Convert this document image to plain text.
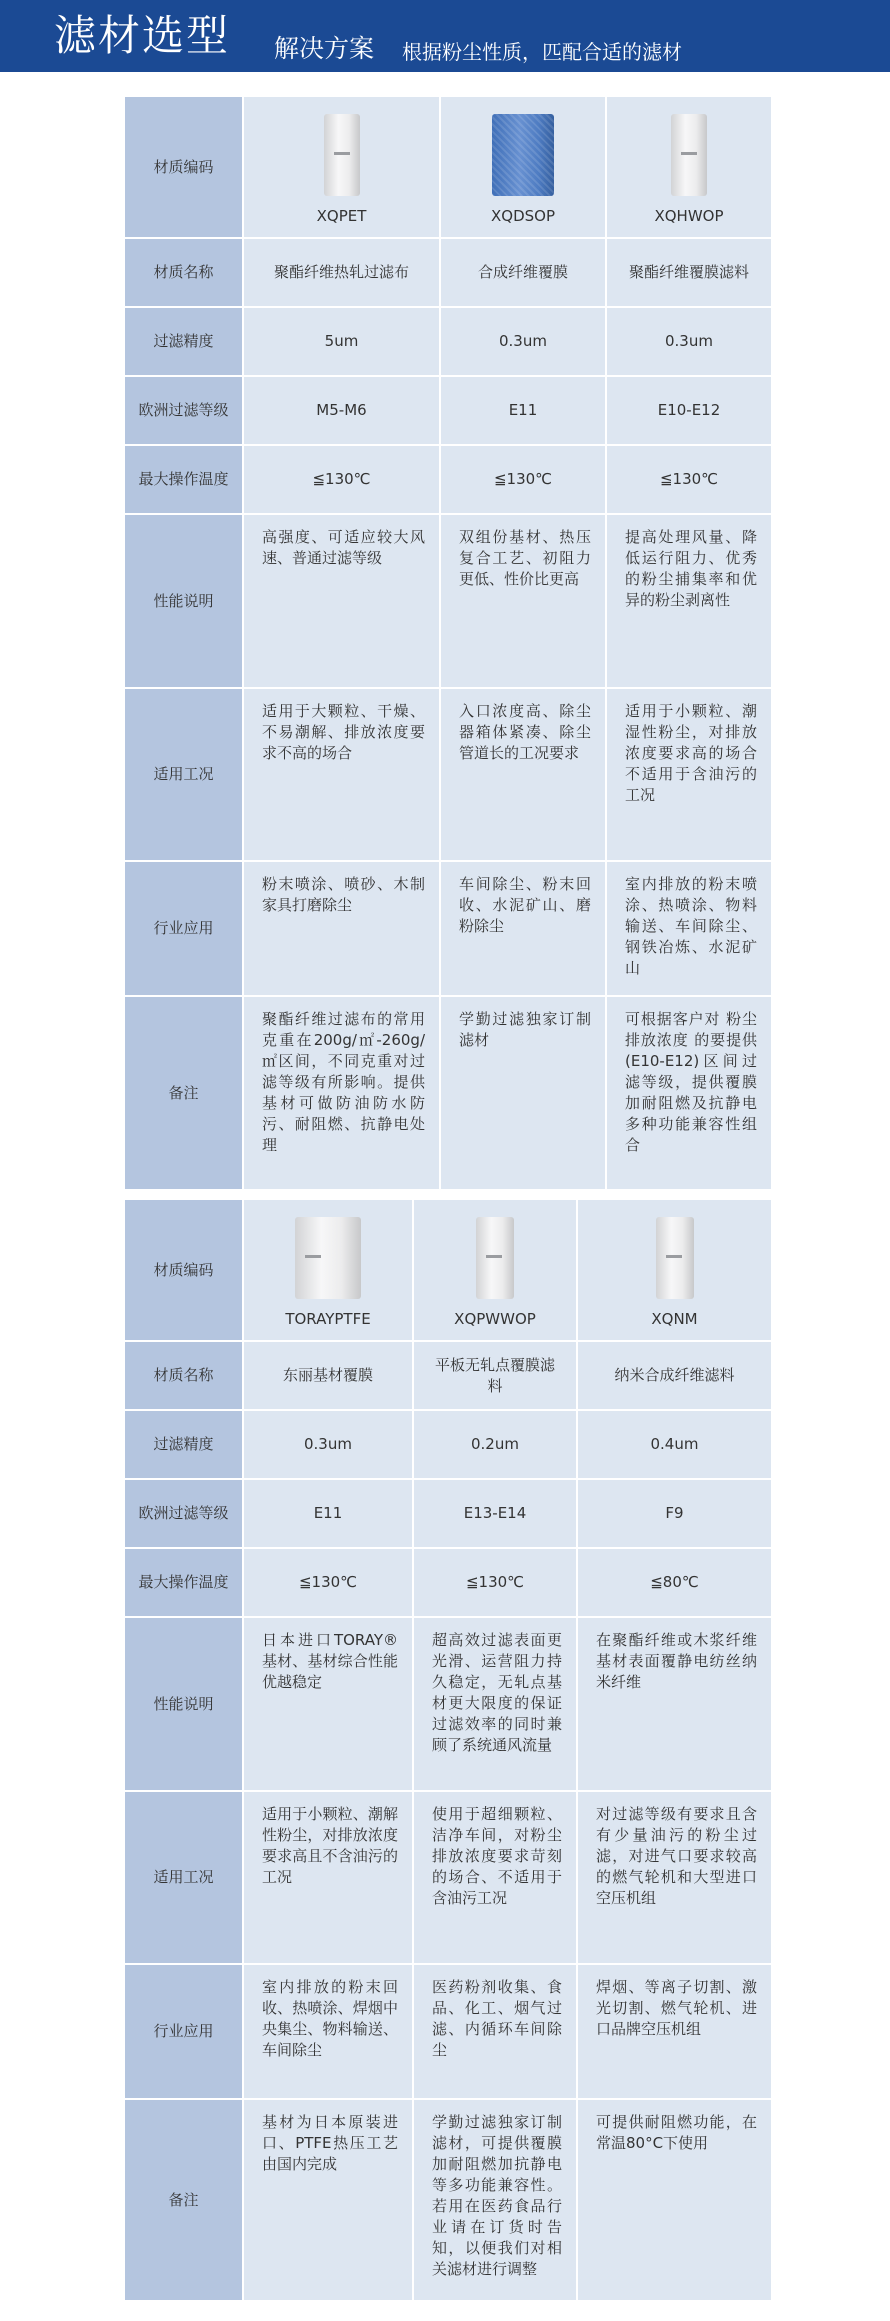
滤材选型 解决方案 根据粉尘性质，匹配合适的滤材
材质编码	XQPET	XQDSOP	XQHWOP

材质名称	聚酯纤维热轧过滤布	合成纤维覆膜	聚酯纤维覆膜滤料
过滤精度	5um	0.3um	0.3um
欧洲过滤等级	M5-M6	E11	E10-E12
最大操作温度	≦130℃	≦130℃	≦130℃
性能说明	高强度、可适应较大风速、普通过滤等级	双组份基材、热压复合工艺、初阻力更低、性价比更高	提高处理风量、降低运行阻力、优秀的粉尘捕集率和优异的粉尘剥离性
适用工况	适用于大颗粒、干燥、不易潮解、排放浓度要求不高的场合	入口浓度高、除尘器箱体紧凑、除尘管道长的工况要求	适用于小颗粒、潮湿性粉尘，对排放浓度要求高的场合不适用于含油污的工况
行业应用	粉末喷涂、喷砂、木制家具打磨除尘	车间除尘、粉末回收、水泥矿山、磨粉除尘	室内排放的粉末喷涂、热喷涂、物料输送、车间除尘、钢铁冶炼、水泥矿山
备注	聚酯纤维过滤布的常用克重在200g/㎡-260g/㎡区间，不同克重对过滤等级有所影响。提供基材可做防油防水防污、耐阻燃、抗静电处理	学勤过滤独家订制滤材	可根据客户对 粉尘排放浓度 的要提供(E10-E12)区间过滤等级，提供覆膜加耐阻燃及抗静电多种功能兼容性组合
材质编码	TORAYPTFE	XQPWWOP	XQNM

材质名称	东丽基材覆膜	平板无轧点覆膜滤料	纳米合成纤维滤料
过滤精度	0.3um	0.2um	0.4um
欧洲过滤等级	E11	E13-E14	F9
最大操作温度	≦130℃	≦130℃	≦80℃
性能说明	日本进口TORAY®基材、基材综合性能优越稳定	超高效过滤表面更光滑、运营阻力持久稳定，无轧点基材更大限度的保证过滤效率的同时兼顾了系统通风流量	在聚酯纤维或木浆纤维基材表面覆静电纺丝纳米纤维
适用工况	适用于小颗粒、潮解性粉尘，对排放浓度要求高且不含油污的工况	使用于超细颗粒、洁净车间，对粉尘排放浓度要求苛刻的场合、不适用于含油污工况	对过滤等级有要求且含有少量油污的粉尘过滤，对进气口要求较高的燃气轮机和大型进口空压机组
行业应用	室内排放的粉末回收、热喷涂、焊烟中央集尘、物料输送、车间除尘	医药粉剂收集、食品、化工、烟气过滤、内循环车间除尘	焊烟、等离子切割、激光切割、燃气轮机、进口品牌空压机组
备注	基材为日本原装进口、PTFE热压工艺由国内完成	学勤过滤独家订制滤材，可提供覆膜加耐阻燃加抗静电等多功能兼容性。若用在医药食品行业请在订货时告知，以便我们对相关滤材进行调整	可提供耐阻燃功能，在常温80°C下使用
